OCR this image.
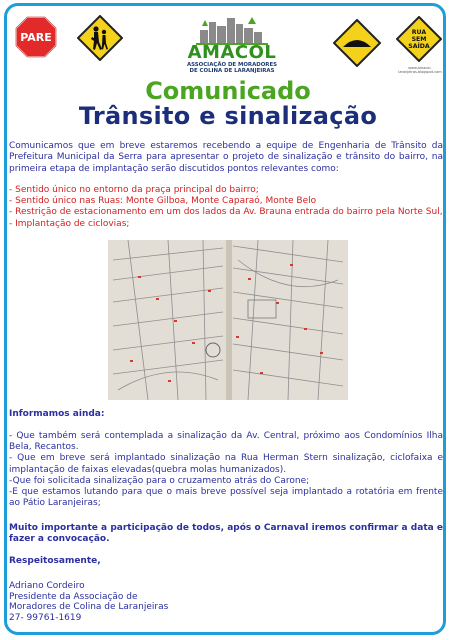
PARE
AMACOL
ASSOCIAÇÃO DE MORADORES
DE COLINA DE LARANJEIRAS
RUA
SEM
SAÍDA
www.amacol-laranjeiras.blogspot.com
Comunicado
Trânsito e sinalização
Comunicamos que em breve estaremos recebendo a equipe de Engenharia de Trânsito da Prefeitura Municipal da Serra para apresentar o projeto de sinalização e trânsito do bairro, na primeira etapa de implantação serão discutidos pontos relevantes como:
- Sentido único no entorno da praça principal do bairro;
- Sentido único nas Ruas: Monte Gilboa, Monte Caparaó, Monte Belo
- Restrição de estacionamento em um dos lados da Av. Brauna entrada do bairro pela Norte Sul,
- Implantação de ciclovias;
Informamos ainda:
- Que também será contemplada a sinalização da Av. Central, próximo aos Condomínios Ilha Bela, Recantos.
- Que em breve será implantado sinalização na Rua Herman Stern sinalização, ciclofaixa e implantação de faixas elevadas(quebra molas humanizados).
-Que foi solicitada sinalização para o cruzamento atrás do Carone;
-E que estamos lutando para que o mais breve possível seja implantado a rotatória em frente ao Pátio Laranjeiras;
Muito importante a participação de todos, após o Carnaval iremos confirmar a data e fazer a convocação.
Respeitosamente,
Adriano Cordeiro
Presidente da Associação de
Moradores de Colina de Laranjeiras
27- 99761-1619
